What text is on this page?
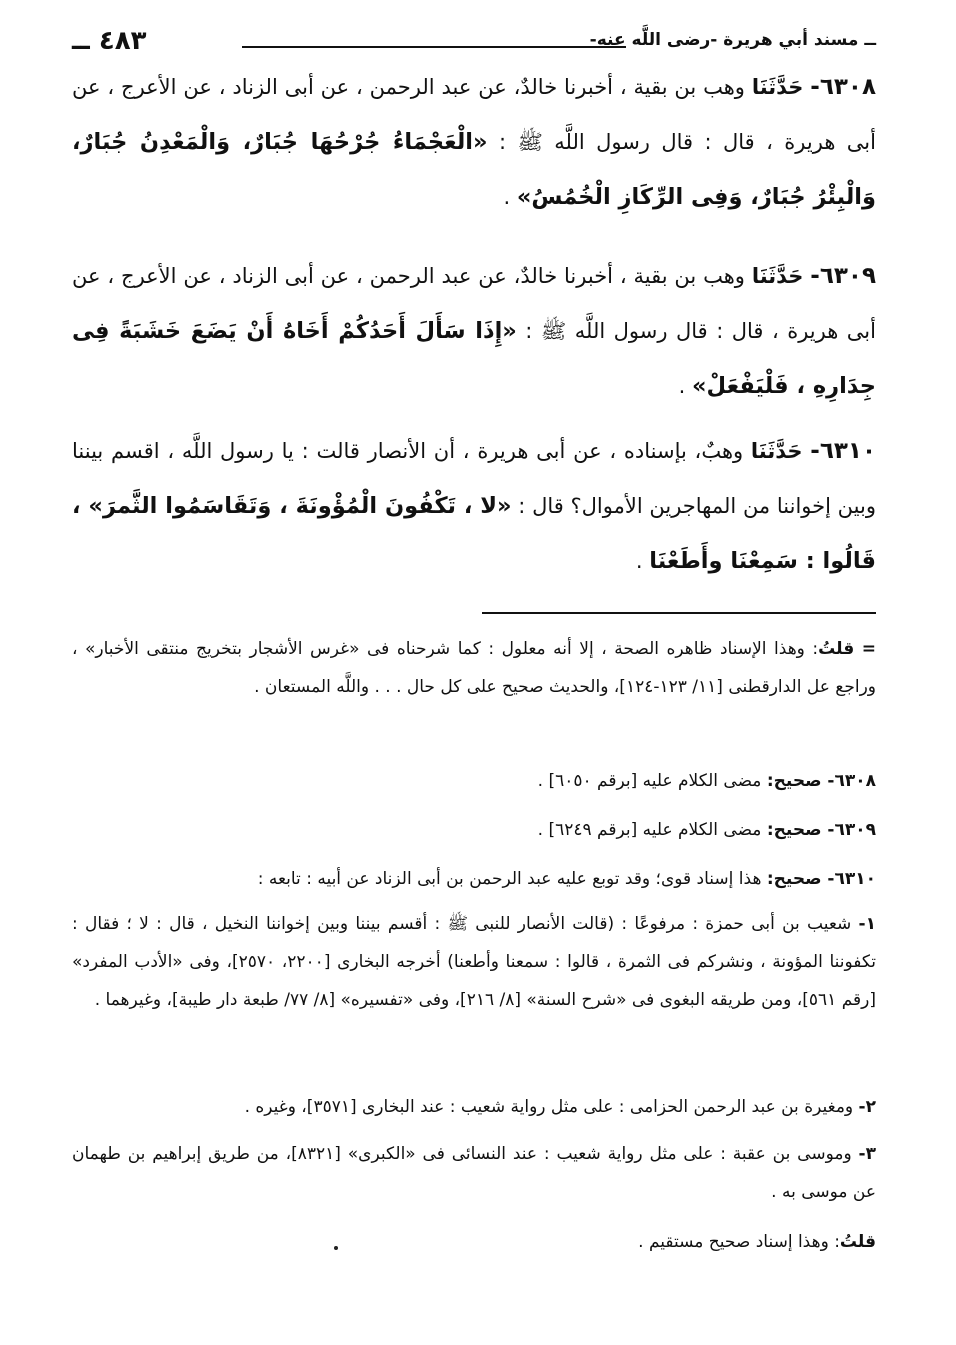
ــ مسند أبي هريرة -رضى اللَّه عنه-
٤٨٣ ــ

٦٣٠٨- حَدَّثَنَا وهب بن بقية ، أخبرنا خالدٌ، عن عبد الرحمن ، عن أبى الزناد ، عن الأعرج ، عن أبى هريرة ، قال : قال رسول اللَّه ﷺ : «الْعَجْمَاءُ جُرْحُهَا جُبَارٌ، وَالْمَعْدِنُ جُبَارٌ، وَالْبِئْرُ جُبَارٌ، وَفِى الرِّكَازِ الْخُمُسُ» .

٦٣٠٩- حَدَّثَنَا وهب بن بقية ، أخبرنا خالدٌ، عن عبد الرحمن ، عن أبى الزناد ، عن الأعرج ، عن أبى هريرة ، قال : قال رسول اللَّه ﷺ : «إِذَا سَأَلَ أَحَدُكُمْ أَخَاهُ أَنْ يَضَعَ خَشَبَةً فِى جِدَارِهِ ، فَلْيَفْعَلْ» .

٦٣١٠- حَدَّثَنَا وهبٌ، بإسناده ، عن أبى هريرة ، أن الأنصار قالت : يا رسول اللَّه ، اقسم بيننا وبين إخواننا من المهاجرين الأموال؟ قال : «لا ، تَكْفُونَ الْمُؤْونَةَ ، وَتَقَاسَمُوا الثَّمرَ» ، قَالُوا : سَمِعْنَا وأَطَعْنَا .

= قلتُ: وهذا الإسناد ظاهره الصحة ، إلا أنه معلول : كما شرحناه فى «غرس الأشجار بتخريج منتقى الأخبار» ، وراجع عل الدارقطنى [١١/ ١٢٣-١٢٤]، والحديث صحيح على كل حال . . . واللَّه المستعان .

٦٣٠٨- صحيح: مضى الكلام عليه [برقم ٦٠٥٠] .

٦٣٠٩- صحيح: مضى الكلام عليه [برقم ٦٢٤٩] .

٦٣١٠- صحيح: هذا إسناد قوى؛ وقد توبع عليه عبد الرحمن بن أبى الزناد عن أبيه : تابعه :

١- شعيب بن أبى حمزة : مرفوعًا : (قالت الأنصار للنبى ﷺ : أقسم بيننا وبين إخواننا النخيل ، قال : لا ؛ فقال : تكفوننا المؤونة ، ونشركم فى الثمرة ، قالوا : سمعنا وأطعنا) أخرجه البخارى [٢٢٠٠، ٢٥٧٠]، وفى «الأدب المفرد» [رقم ٥٦١]، ومن طريقه البغوى فى «شرح السنة» [٨/ ٢١٦]، وفى «تفسيره» [٨/ ٧٧/ طبعة دار طيبة]، وغيرهما .

٢- ومغيرة بن عبد الرحمن الحزامى : على مثل رواية شعيب : عند البخارى [٣٥٧١]، وغيره .

٣- وموسى بن عقبة : على مثل رواية شعيب : عند النسائى فى «الكبرى» [٨٣٢١]، من طريق إبراهيم بن طهمان عن موسى به .

قلتُ: وهذا إسناد صحيح مستقيم .
